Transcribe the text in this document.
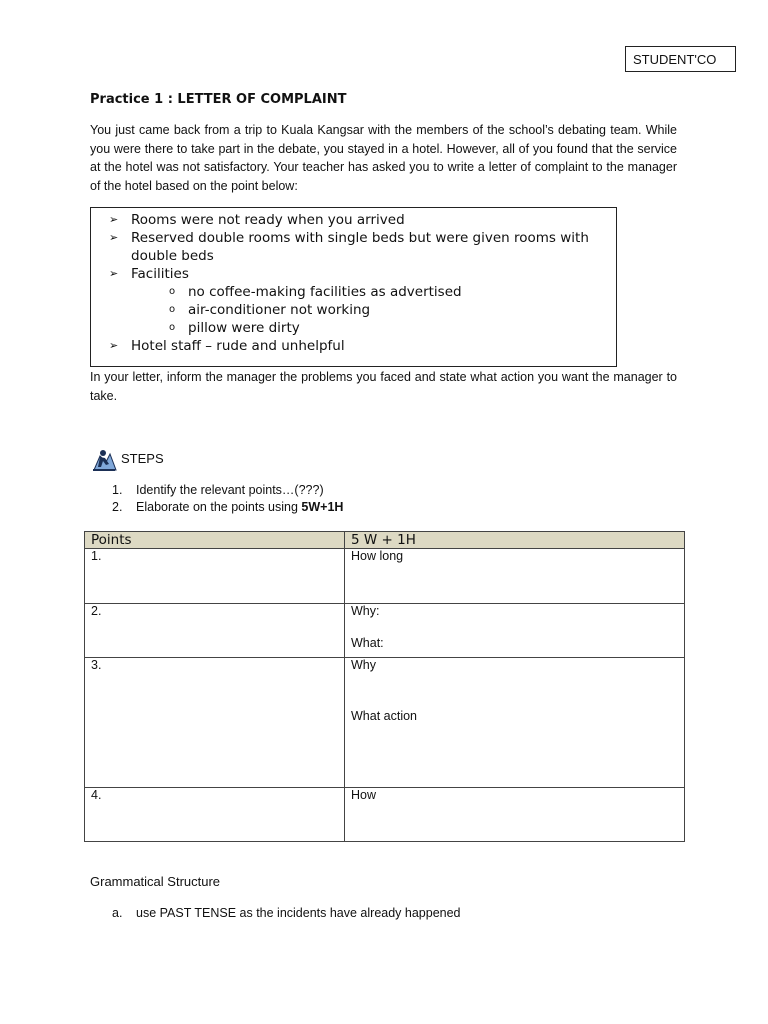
STUDENT'CO
Practice 1 : LETTER OF COMPLAINT
You just came back from a trip to Kuala Kangsar with the members of the school’s debating team. While you were there to take part in the debate, you stayed in a hotel. However, all of you found that the service at the hotel was not satisfactory. Your teacher has asked you to write a letter of complaint to the manager of the hotel based on the point below:
➢ Rooms were not ready when you arrived
➢ Reserved double rooms with single beds but were given rooms with double beds
➢ Facilities
o no coffee-making facilities as advertised
o air-conditioner not working
o pillow were dirty
➢ Hotel staff – rude and unhelpful
In your letter, inform the manager the problems you faced and state what action you want the manager to take.
STEPS
1. Identify the relevant points…(???)
2. Elaborate on the points using 5W+1H
Points	5 W + 1H
1.	How long

2.	Why:
What:

3.	Why
What action

4.	How
Grammatical Structure
a. use PAST TENSE as the incidents have already happened
